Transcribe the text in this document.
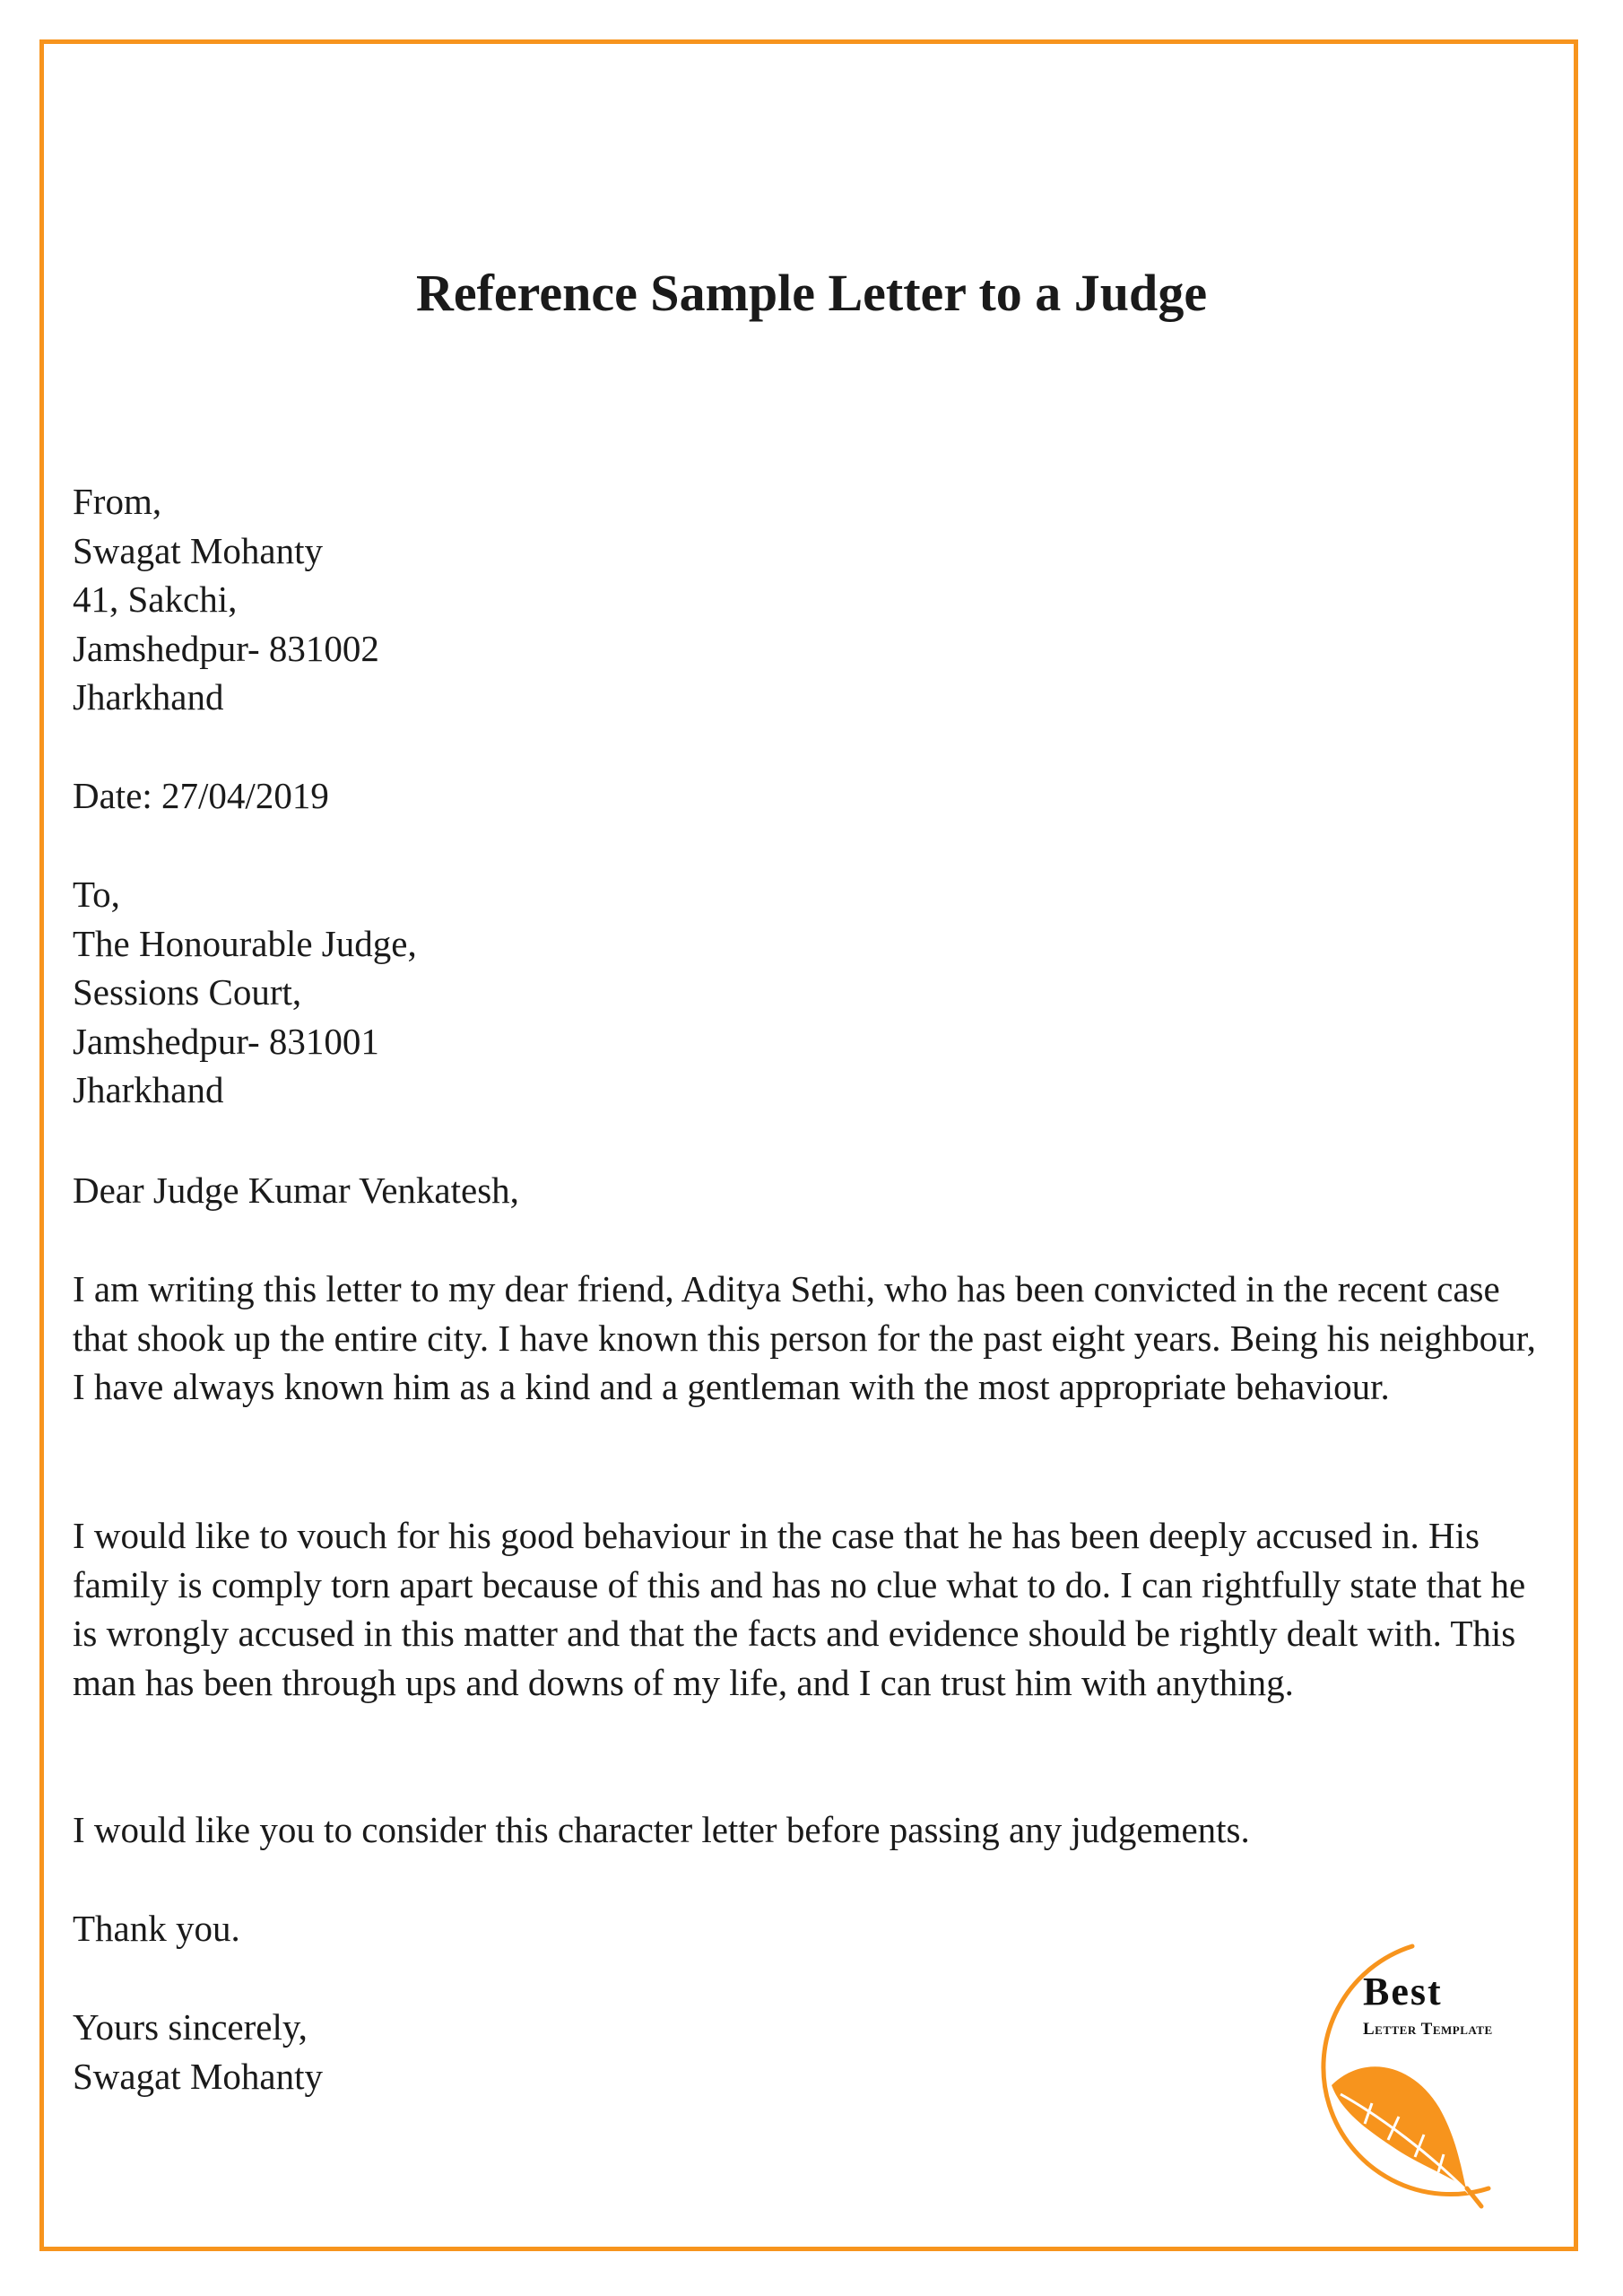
Reference Sample Letter to a Judge
From,
Swagat Mohanty
41, Sakchi,
Jamshedpur- 831002
Jharkhand
Date: 27/04/2019
To,
The Honourable Judge,
Sessions Court,
Jamshedpur- 831001
Jharkhand
Dear Judge Kumar Venkatesh,

I am writing this letter to my dear friend, Aditya Sethi, who has been convicted in the recent case that shook up the entire city. I have known this person for the past eight years. Being his neighbour, I have always known him as a kind and a gentleman with the most appropriate behaviour.

I would like to vouch for his good behaviour in the case that he has been deeply accused in. His family is comply torn apart because of this and has no clue what to do. I can rightfully state that he is wrongly accused in this matter and that the facts and evidence should be rightly dealt with. This man has been through ups and downs of my life, and I can trust him with anything.

I would like you to consider this character letter before passing any judgements.

Thank you.
Yours sincerely,
Swagat Mohanty
Best
Letter Template
